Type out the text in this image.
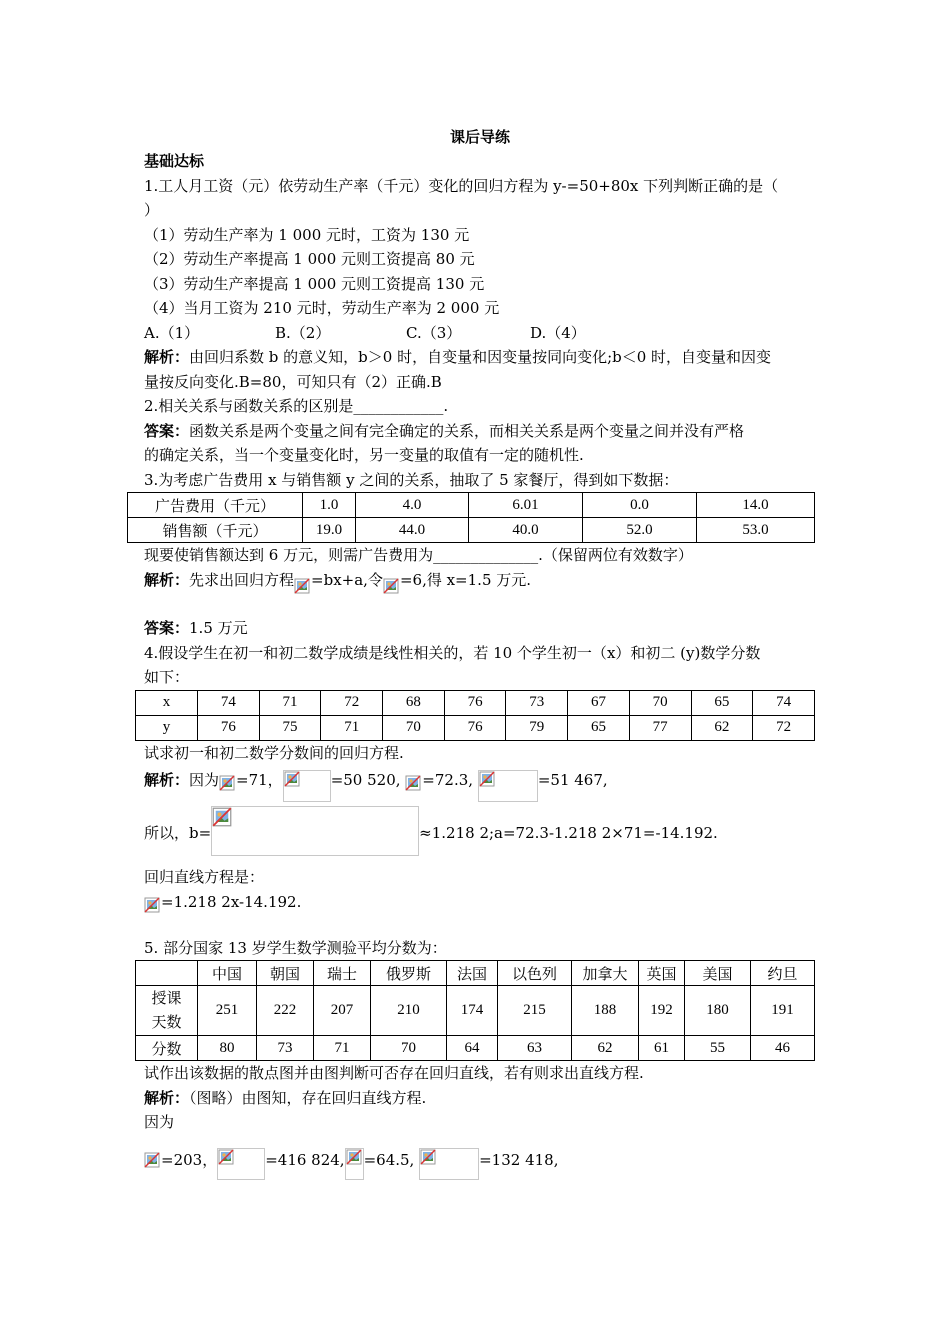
课后导练
基础达标
1.工人月工资（元）依劳动生产率（千元）变化的回归方程为 y-=50+80x 下列判断正确的是（
）
（1）劳动生产率为 1 000 元时，工资为 130 元
（2）劳动生产率提高 1 000 元则工资提高 80 元
（3）劳动生产率提高 1 000 元则工资提高 130 元
（4）当月工资为 210 元时，劳动生产率为 2 000 元
A.（1）	B.（2）	C.（3）	D.（4）
解析：由回归系数 b 的意义知，b＞0 时，自变量和因变量按同向变化;b＜0 时，自变量和因变
量按反向变化.B=80，可知只有（2）正确.B
2.相关关系与函数关系的区别是____________.
答案：函数关系是两个变量之间有完全确定的关系，而相关关系是两个变量之间并没有严格
的确定关系，当一个变量变化时，另一变量的取值有一定的随机性.
3.为考虑广告费用 x 与销售额 y 之间的关系，抽取了 5 家餐厅，得到如下数据：
广告费用（千元）	1.0	4.0	6.01	0.0	14.0
销售额（千元）	19.0	44.0	40.0	52.0	53.0
现要使销售额达到 6 万元，则需广告费用为______________.（保留两位有效数字）
解析：先求出回归方程 =bx+a,令 =6,得 x=1.5 万元.
答案：1.5 万元
4.假设学生在初一和初二数学成绩是线性相关的，若 10 个学生初一（x）和初二 (y)数学分数
如下：
x	74	71	72	68	76	73	67	70	65	74
y	76	75	71	70	76	79	65	77	62	72
试求初一和初二数学分数间的回归方程.
解析：因为 =71，	=50 520, =72.3,	=51 467,
所以，b=	≈1.218 2;a=72.3-1.218 2×71=-14.192.
回归直线方程是：
=1.218 2x-14.192.
5. 部分国家 13 岁学生数学测验平均分数为：
	中国	朝国	瑞士	俄罗斯	法国	以色列	加拿大	英国	美国	约旦
授课天数	251	222	207	210	174	215	188	192	180	191
分数	80	73	71	70	64	63	62	61	55	46
试作出该数据的散点图并由图判断可否存在回归直线，若有则求出直线方程.
解析：（图略）由图知，存在回归直线方程.
因为
=203，	=416 824, =64.5,	=132 418,
